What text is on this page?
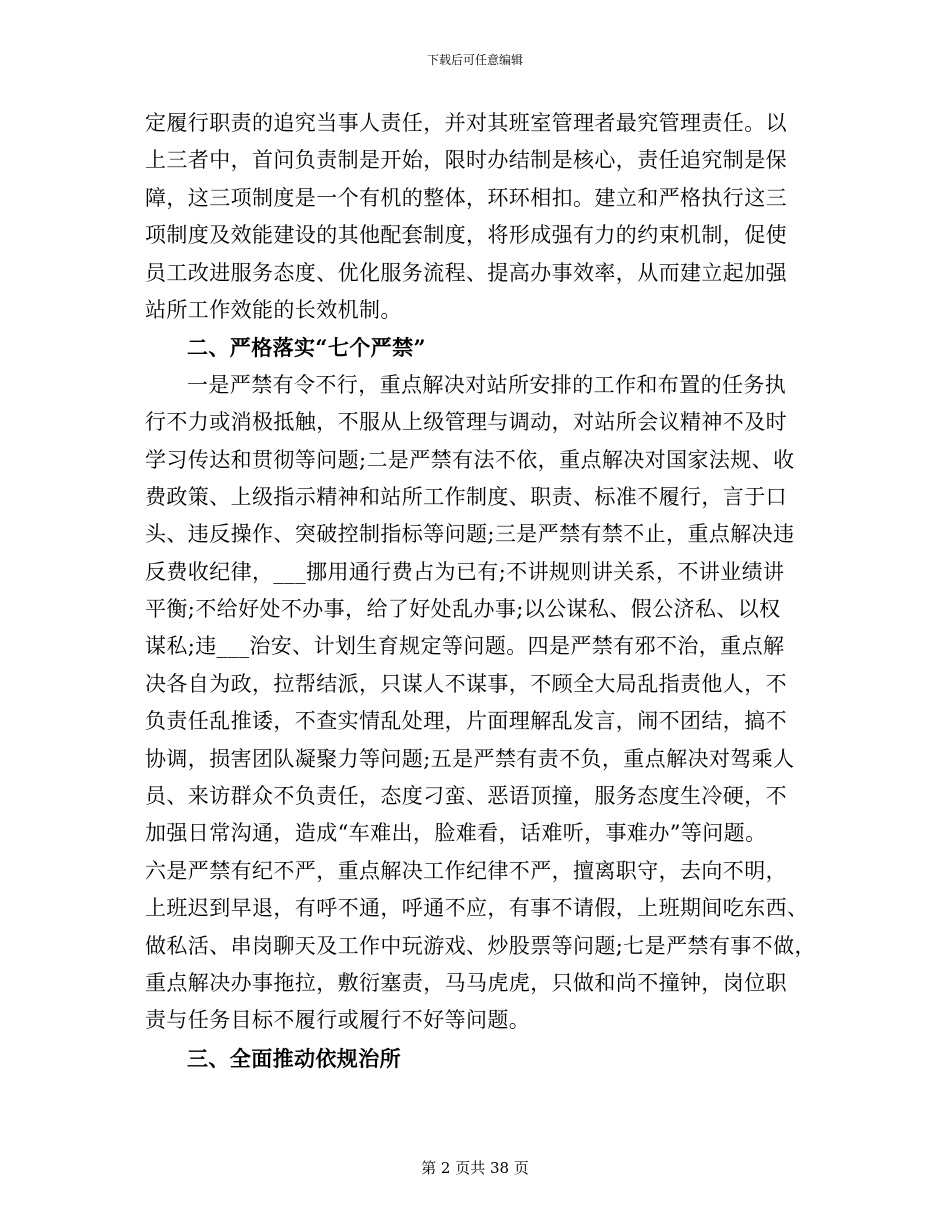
下载后可任意编辑
定履行职责的追究当事人责任，并对其班室管理者最究管理责任。以
上三者中，首问负责制是开始，限时办结制是核心，责任追究制是保
障，这三项制度是一个有机的整体，环环相扣。建立和严格执行这三
项制度及效能建设的其他配套制度，将形成强有力的约束机制，促使
员工改进服务态度、优化服务流程、提高办事效率，从而建立起加强
站所工作效能的长效机制。
二、严格落实“七个严禁”
一是严禁有令不行，重点解决对站所安排的工作和布置的任务执
行不力或消极抵触，不服从上级管理与调动，对站所会议精神不及时
学习传达和贯彻等问题;二是严禁有法不依，重点解决对国家法规、收
费政策、上级指示精神和站所工作制度、职责、标准不履行，言于口
头、违反操作、突破控制指标等问题;三是严禁有禁不止，重点解决违
反费收纪律，___挪用通行费占为已有;不讲规则讲关系，不讲业绩讲
平衡;不给好处不办事，给了好处乱办事;以公谋私、假公济私、以权
谋私;违___治安、计划生育规定等问题。四是严禁有邪不治，重点解
决各自为政，拉帮结派，只谋人不谋事，不顾全大局乱指责他人，不
负责任乱推诿，不查实情乱处理，片面理解乱发言，闹不团结，搞不
协调，损害团队凝聚力等问题;五是严禁有责不负，重点解决对驾乘人
员、来访群众不负责任，态度刁蛮、恶语顶撞，服务态度生冷硬，不
加强日常沟通，造成“车难出，脸难看，话难听，事难办”等问题。
六是严禁有纪不严，重点解决工作纪律不严，擅离职守，去向不明，
上班迟到早退，有呼不通，呼通不应，有事不请假，上班期间吃东西、
做私活、串岗聊天及工作中玩游戏、炒股票等问题;七是严禁有事不做，
重点解决办事拖拉，敷衍塞责，马马虎虎，只做和尚不撞钟，岗位职
责与任务目标不履行或履行不好等问题。
三、全面推动依规治所
第 2 页共 38 页
